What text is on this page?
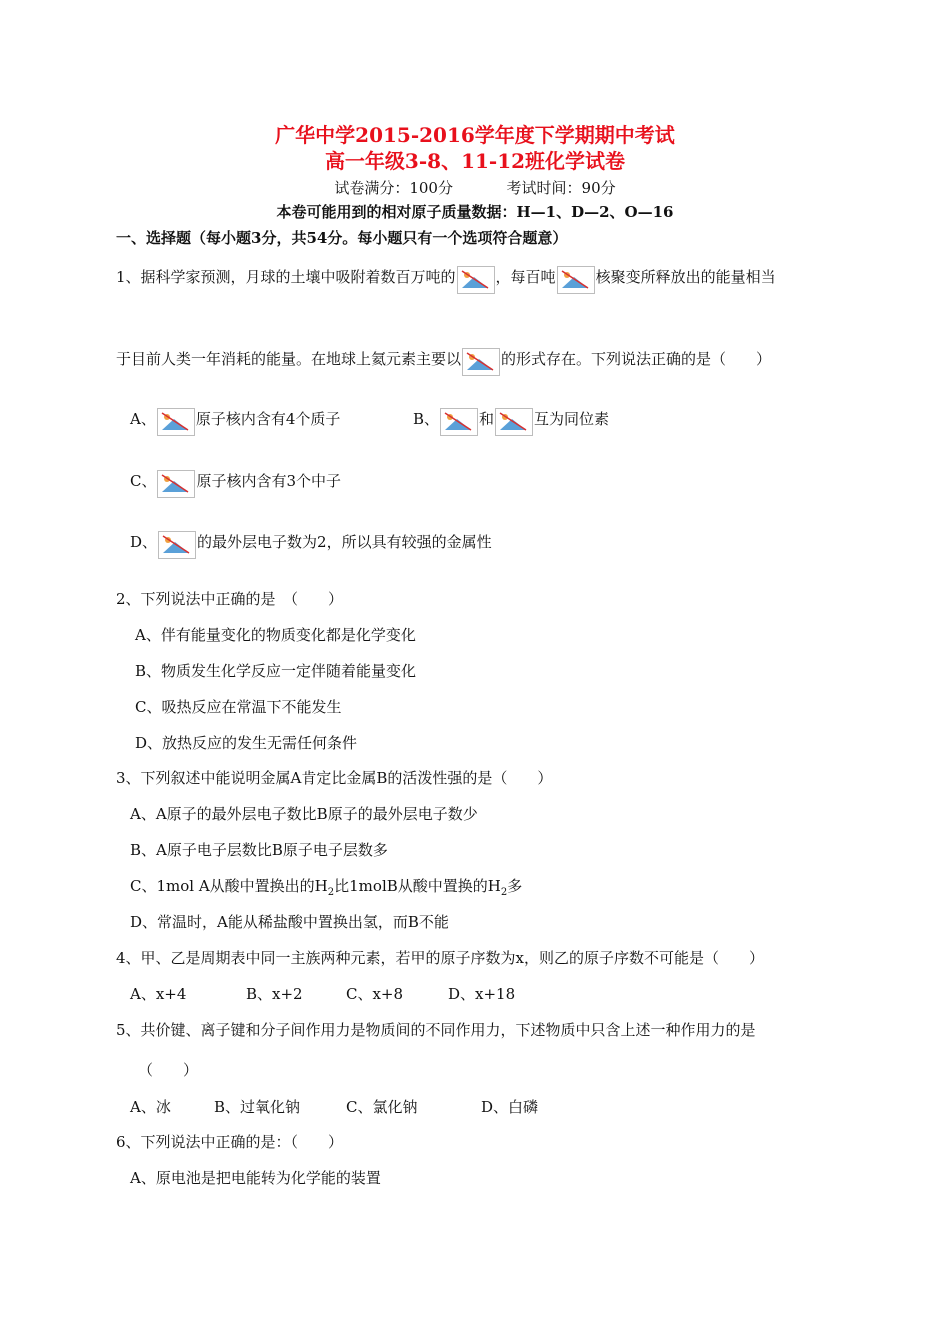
广华中学2015-2016学年度下学期期中考试
高一年级3-8、11-12班化学试卷
试卷满分：100分	考试时间：90分
本卷可能用到的相对原子质量数据：H—1、D—2、O—16
一、选择题（每小题3分，共54分。每小题只有一个选项符合题意）
1、据科学家预测，月球的土壤中吸附着数百万吨的	，每百吨	核聚变所释放出的能量相当
于目前人类一年消耗的能量。在地球上氦元素主要以	的形式存在。下列说法正确的是（　　）
A、	原子核内含有4个质子	B、	和	互为同位素
C、	原子核内含有3个中子
D、	的最外层电子数为2，所以具有较强的金属性
2、下列说法中正确的是　（　　）
A、伴有能量变化的物质变化都是化学变化
B、物质发生化学反应一定伴随着能量变化
C、吸热反应在常温下不能发生
D、放热反应的发生无需任何条件
3、下列叙述中能说明金属A肯定比金属B的活泼性强的是（　　）
A、A原子的最外层电子数比B原子的最外层电子数少
B、A原子电子层数比B原子电子层数多
C、1mol A从酸中置换出的$H_2$比1molB从酸中置换的$H_2$多
D、常温时，A能从稀盐酸中置换出氢，而B不能
4、甲、乙是周期表中同一主族两种元素，若甲的原子序数为x，则乙的原子序数不可能是（　　）
A、x+4	B、x+2	C、x+8	D、x+18
5、共价键、离子键和分子间作用力是物质间的不同作用力，下述物质中只含上述一种作用力的是
（　　）
A、冰	B、过氧化钠	C、氯化钠	D、白磷
6、下列说法中正确的是：（　　）
A、原电池是把电能转为化学能的装置
